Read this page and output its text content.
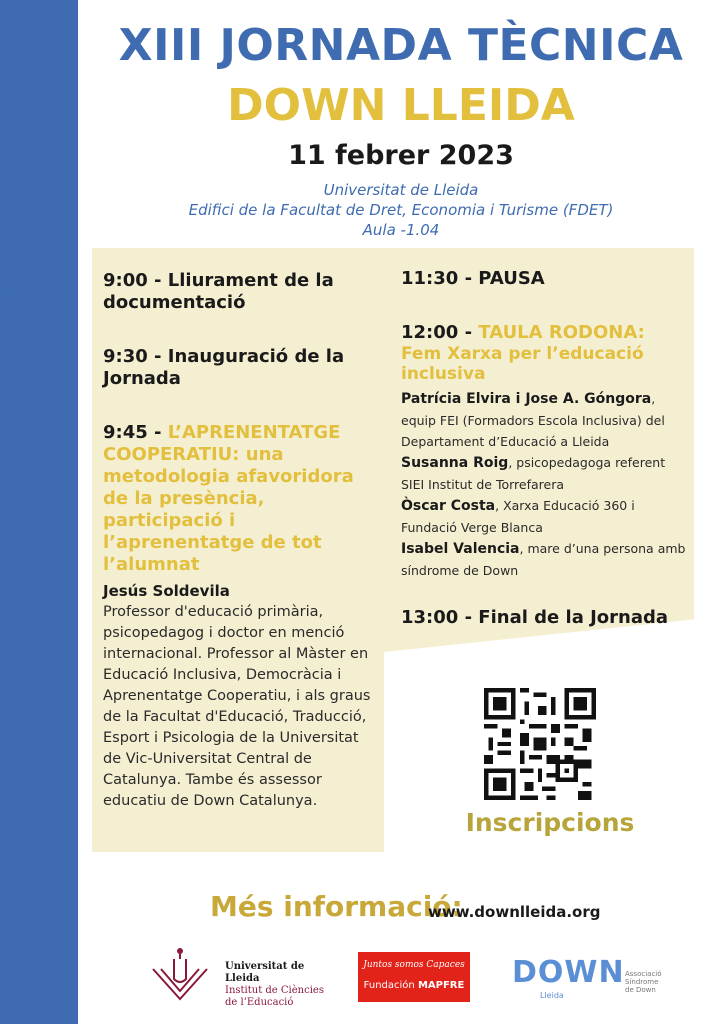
m
XIII JORNADA TÈCNICA
DOWN LLEIDA
11 febrer 2023
Universitat de Lleida
Edifici de la Facultat de Dret, Economia i Turisme (FDET)
Aula -1.04
9:00 - Lliurament de la documentació
9:30 - Inauguració de la Jornada
9:45 - L’APRENENTATGE COOPERATIU: una metodologia afavoridora de la presència, participació i l’aprenentatge de tot l’alumnat
Jesús Soldevila
Professor d'educació primària, psicopedagog i doctor en menció internacional. Professor al Màster en Educació Inclusiva, Democràcia i Aprenentatge Cooperatiu, i als graus de la Facultat d'Educació, Traducció, Esport i Psicologia de la Universitat de Vic-Universitat Central de Catalunya. Tambe és assessor educatiu de Down Catalunya.
11:30 - PAUSA
12:00 - TAULA RODONA:
Fem Xarxa per l’educació inclusiva
Patrícia Elvira i Jose A. Góngora, equip FEI (Formadors Escola Inclusiva) del Departament d’Educació a Lleida
Susanna Roig, psicopedagoga referent SIEI Institut de Torrefarera
Òscar Costa, Xarxa Educació 360 i Fundació Verge Blanca
Isabel Valencia, mare d’una persona amb síndrome de Down
13:00 - Final de la Jornada
Inscripcions
Més informació:
www.downlleida.org
Universitat de Lleida
Institut de Ciències
de l’Educació
Juntos somos Capaces
Fundación MAPFRE DOWN
Lleida
Associació
Síndrome
de Down
